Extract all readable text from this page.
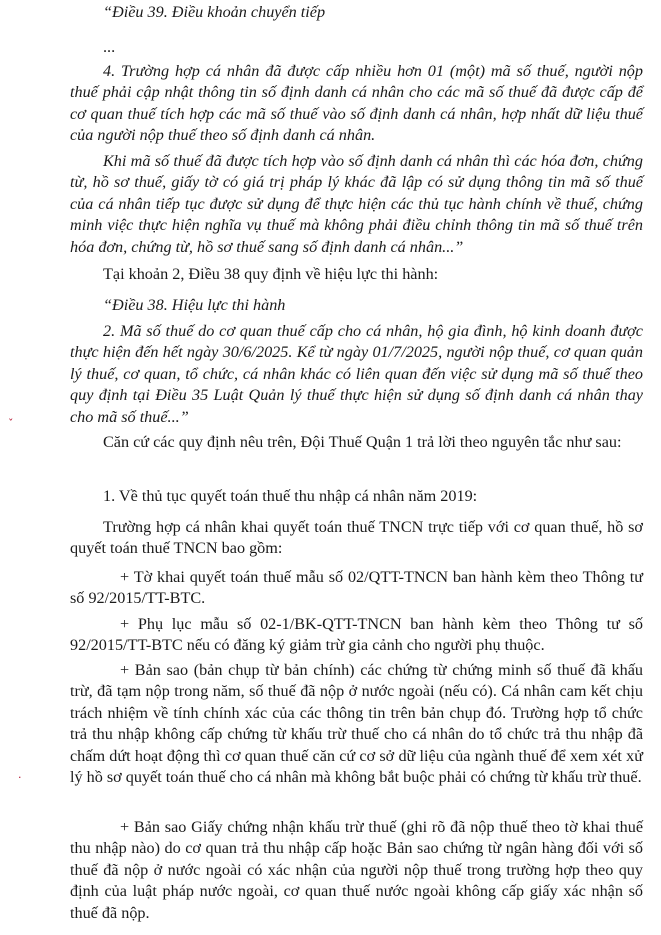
ˇ
·

“Điều 39. Điều khoản chuyển tiếp

...

4. Trường hợp cá nhân đã được cấp nhiều hơn 01 (một) mã số thuế, người nộp thuế phải cập nhật thông tin số định danh cá nhân cho các mã số thuế đã được cấp để cơ quan thuế tích hợp các mã số thuế vào số định danh cá nhân, hợp nhất dữ liệu thuế của người nộp thuế theo số định danh cá nhân.

Khi mã số thuế đã được tích hợp vào số định danh cá nhân thì các hóa đơn, chứng từ, hồ sơ thuế, giấy tờ có giá trị pháp lý khác đã lập có sử dụng thông tin mã số thuế của cá nhân tiếp tục được sử dụng để thực hiện các thủ tục hành chính về thuế, chứng minh việc thực hiện nghĩa vụ thuế mà không phải điều chỉnh thông tin mã số thuế trên hóa đơn, chứng từ, hồ sơ thuế sang số định danh cá nhân...”

Tại khoản 2, Điều 38 quy định về hiệu lực thi hành:

“Điều 38. Hiệu lực thi hành

2. Mã số thuế do cơ quan thuế cấp cho cá nhân, hộ gia đình, hộ kinh doanh được thực hiện đến hết ngày 30/6/2025. Kể từ ngày 01/7/2025, người nộp thuế, cơ quan quản lý thuế, cơ quan, tổ chức, cá nhân khác có liên quan đến việc sử dụng mã số thuế theo quy định tại Điều 35 Luật Quản lý thuế thực hiện sử dụng số định danh cá nhân thay cho mã số thuế...”

Căn cứ các quy định nêu trên, Đội Thuế Quận 1 trả lời theo nguyên tắc như sau:

1. Về thủ tục quyết toán thuế thu nhập cá nhân năm 2019:

Trường hợp cá nhân khai quyết toán thuế TNCN trực tiếp với cơ quan thuế, hồ sơ quyết toán thuế TNCN bao gồm:

+ Tờ khai quyết toán thuế mẫu số 02/QTT-TNCN ban hành kèm theo Thông tư số 92/2015/TT-BTC.

+ Phụ lục mẫu số 02-1/BK-QTT-TNCN ban hành kèm theo Thông tư số 92/2015/TT-BTC nếu có đăng ký giảm trừ gia cảnh cho người phụ thuộc.

+ Bản sao (bản chụp từ bản chính) các chứng từ chứng minh số thuế đã khấu trừ, đã tạm nộp trong năm, số thuế đã nộp ở nước ngoài (nếu có). Cá nhân cam kết chịu trách nhiệm về tính chính xác của các thông tin trên bản chụp đó. Trường hợp tổ chức trả thu nhập không cấp chứng từ khấu trừ thuế cho cá nhân do tổ chức trả thu nhập đã chấm dứt hoạt động thì cơ quan thuế căn cứ cơ sở dữ liệu của ngành thuế để xem xét xử lý hồ sơ quyết toán thuế cho cá nhân mà không bắt buộc phải có chứng từ khấu trừ thuế.

+ Bản sao Giấy chứng nhận khấu trừ thuế (ghi rõ đã nộp thuế theo tờ khai thuế thu nhập nào) do cơ quan trả thu nhập cấp hoặc Bản sao chứng từ ngân hàng đối với số thuế đã nộp ở nước ngoài có xác nhận của người nộp thuế trong trường hợp theo quy định của luật pháp nước ngoài, cơ quan thuế nước ngoài không cấp giấy xác nhận số thuế đã nộp.
